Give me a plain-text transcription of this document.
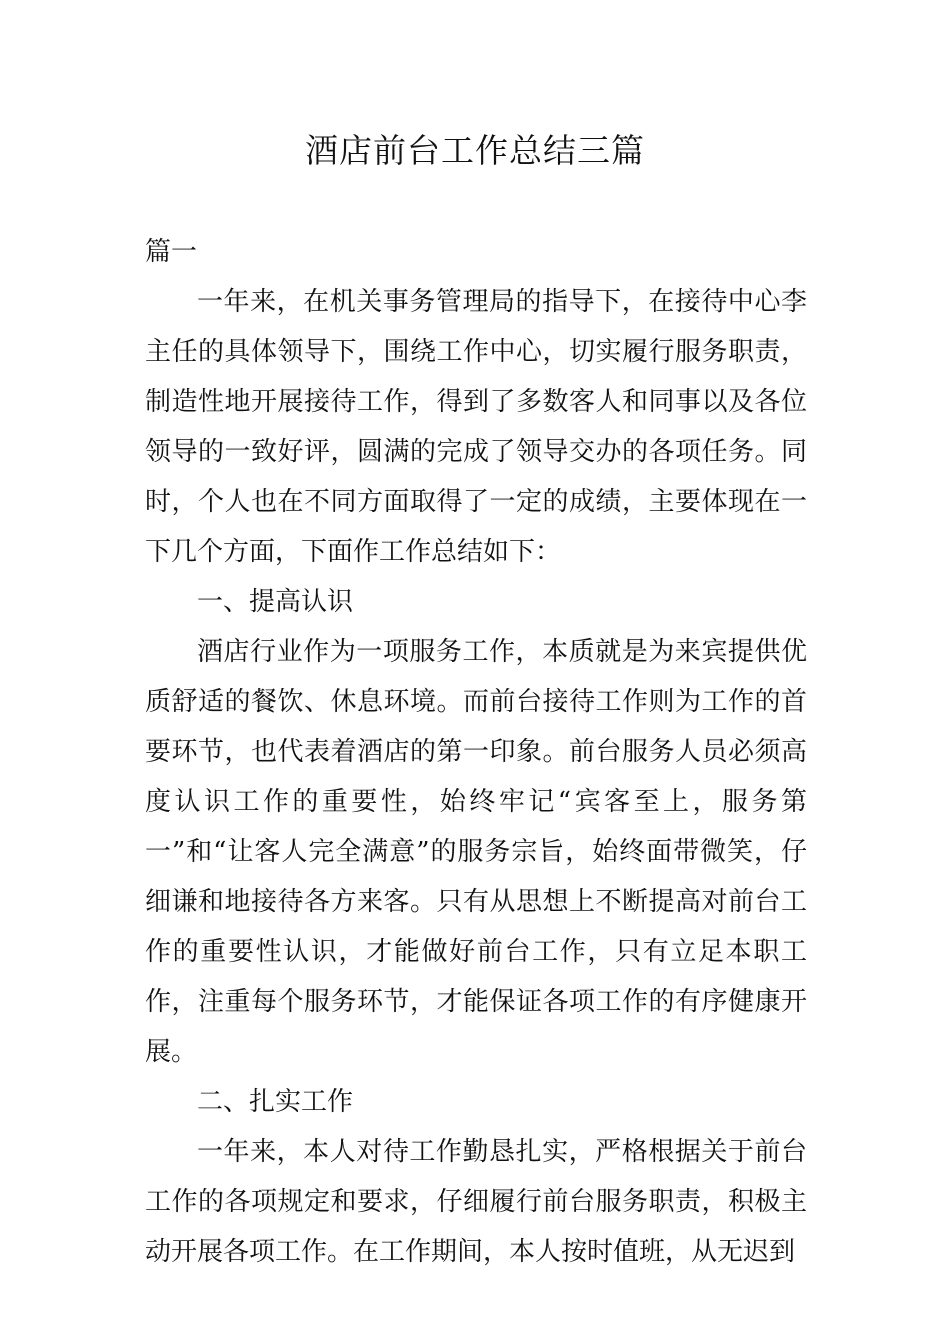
酒店前台工作总结三篇

篇一

一年来，在机关事务管理局的指导下，在接待中心李主任的具体领导下，围绕工作中心，切实履行服务职责，制造性地开展接待工作，得到了多数客人和同事以及各位领导的一致好评，圆满的完成了领导交办的各项任务。同时，个人也在不同方面取得了一定的成绩，主要体现在一下几个方面，下面作工作总结如下：

一、提高认识

酒店行业作为一项服务工作，本质就是为来宾提供优质舒适的餐饮、休息环境。而前台接待工作则为工作的首要环节，也代表着酒店的第一印象。前台服务人员必须高度认识工作的重要性，始终牢记“宾客至上，服务第一”和“让客人完全满意”的服务宗旨，始终面带微笑，仔细谦和地接待各方来客。只有从思想上不断提高对前台工作的重要性认识，才能做好前台工作，只有立足本职工作，注重每个服务环节，才能保证各项工作的有序健康开展。

二、扎实工作

一年来，本人对待工作勤恳扎实，严格根据关于前台工作的各项规定和要求，仔细履行前台服务职责，积极主动开展各项工作。在工作期间，本人按时值班，从无迟到
